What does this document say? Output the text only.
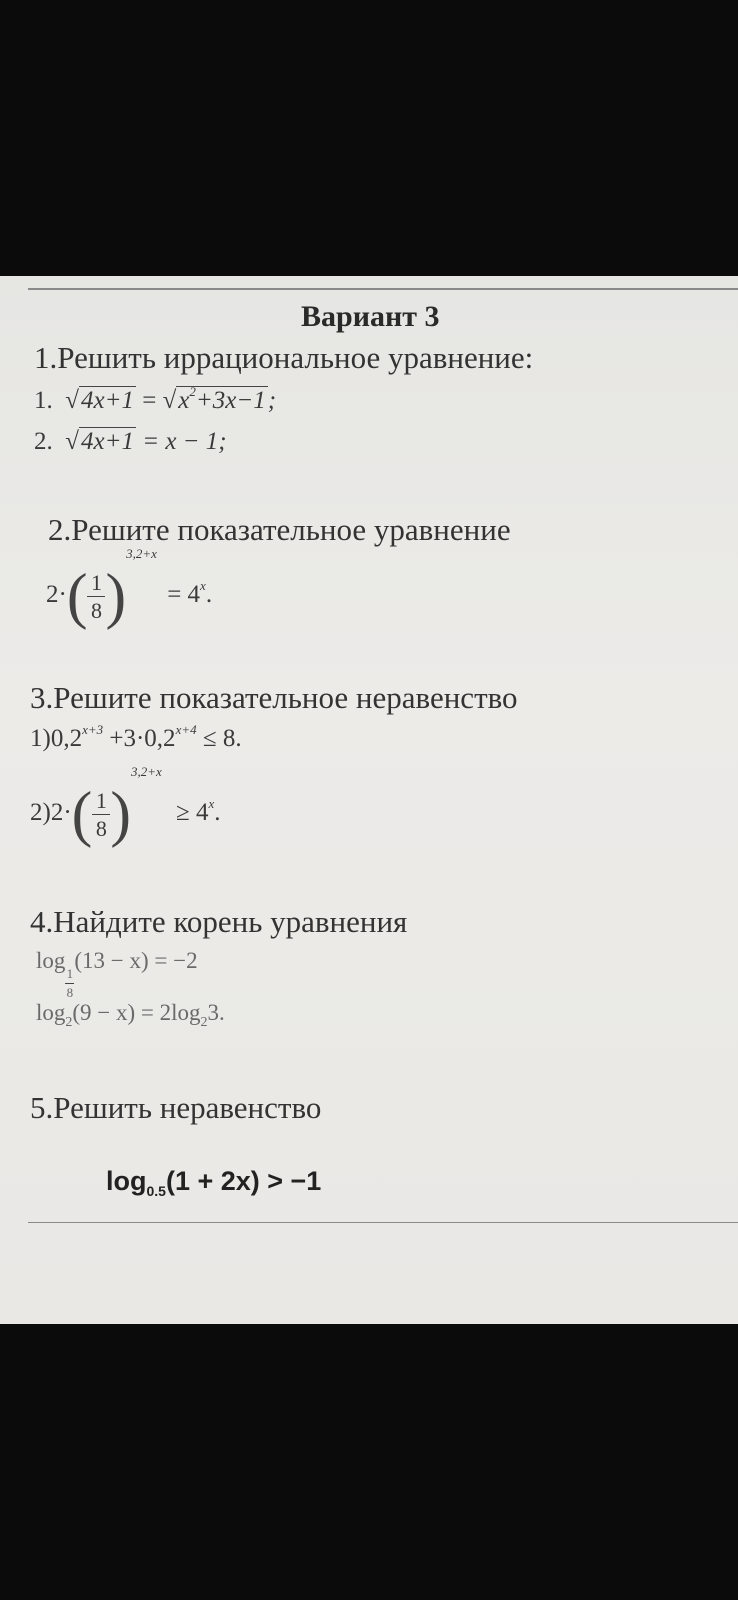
Вариант 3
1.Решить иррациональное уравнение:
1.  $√4x+1 = √x^2+3x-1$;
2.  √4x+1 = x − 1;
2.Решите показательное уравнение
$2\cdot( \frac{1}{8} )^{3,2+x} = 4^x$.
3.Решите показательное неравенство
$1)0,2^{x+3} +3\cdot 0,2^{x+4} \le 8$.
$2)2\cdot( \frac{1}{8} )^{3,2+x} \ge 4^x$.
4.Найдите корень уравнения
log
$\frac{1}{8}$
(13 − x) = −2
$\log_2(9 - x) = 2\log_23$.
5.Решить неравенство
$\log_{0.5}(1 + 2x) > -1$
